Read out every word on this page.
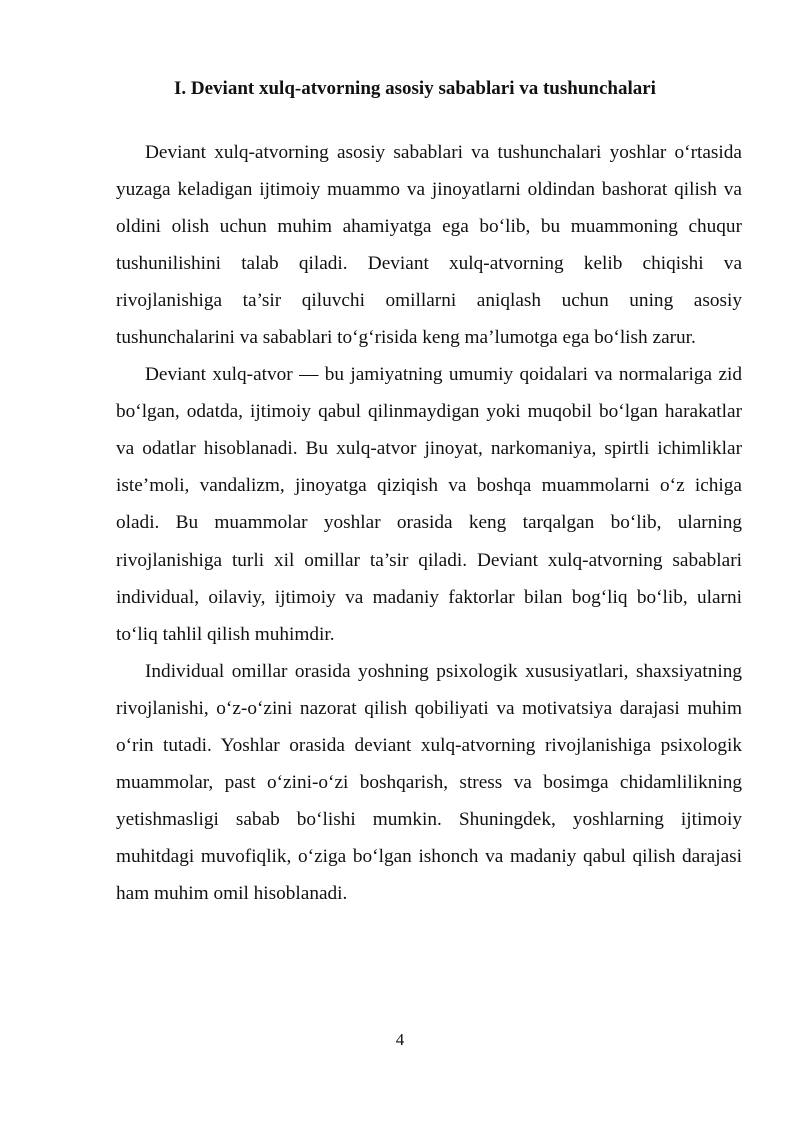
I. Deviant xulq-atvorning asosiy sabablari va tushunchalari

Deviant xulq-atvorning asosiy sabablari va tushunchalari yoshlar o‘rtasida yuzaga keladigan ijtimoiy muammo va jinoyatlarni oldindan bashorat qilish va oldini olish uchun muhim ahamiyatga ega bo‘lib, bu muammoning chuqur tushunilishini talab qiladi. Deviant xulq-atvorning kelib chiqishi va rivojlanishiga ta’sir qiluvchi omillarni aniqlash uchun uning asosiy tushunchalarini va sabablari to‘g‘risida keng ma’lumotga ega bo‘lish zarur.

Deviant xulq-atvor — bu jamiyatning umumiy qoidalari va normalariga zid bo‘lgan, odatda, ijtimoiy qabul qilinmaydigan yoki muqobil bo‘lgan harakatlar va odatlar hisoblanadi. Bu xulq-atvor jinoyat, narkomaniya, spirtli ichimliklar iste’moli, vandalizm, jinoyatga qiziqish va boshqa muammolarni o‘z ichiga oladi. Bu muammolar yoshlar orasida keng tarqalgan bo‘lib, ularning rivojlanishiga turli xil omillar ta’sir qiladi. Deviant xulq-atvorning sabablari individual, oilaviy, ijtimoiy va madaniy faktorlar bilan bog‘liq bo‘lib, ularni to‘liq tahlil qilish muhimdir.

Individual omillar orasida yoshning psixologik xususiyatlari, shaxsiyatning rivojlanishi, o‘z-o‘zini nazorat qilish qobiliyati va motivatsiya darajasi muhim o‘rin tutadi. Yoshlar orasida deviant xulq-atvorning rivojlanishiga psixologik muammolar, past o‘zini-o‘zi boshqarish, stress va bosimga chidamlilikning yetishmasligi sabab bo‘lishi mumkin. Shuningdek, yoshlarning ijtimoiy muhitdagi muvofiqlik, o‘ziga bo‘lgan ishonch va madaniy qabul qilish darajasi ham muhim omil hisoblanadi.

4
